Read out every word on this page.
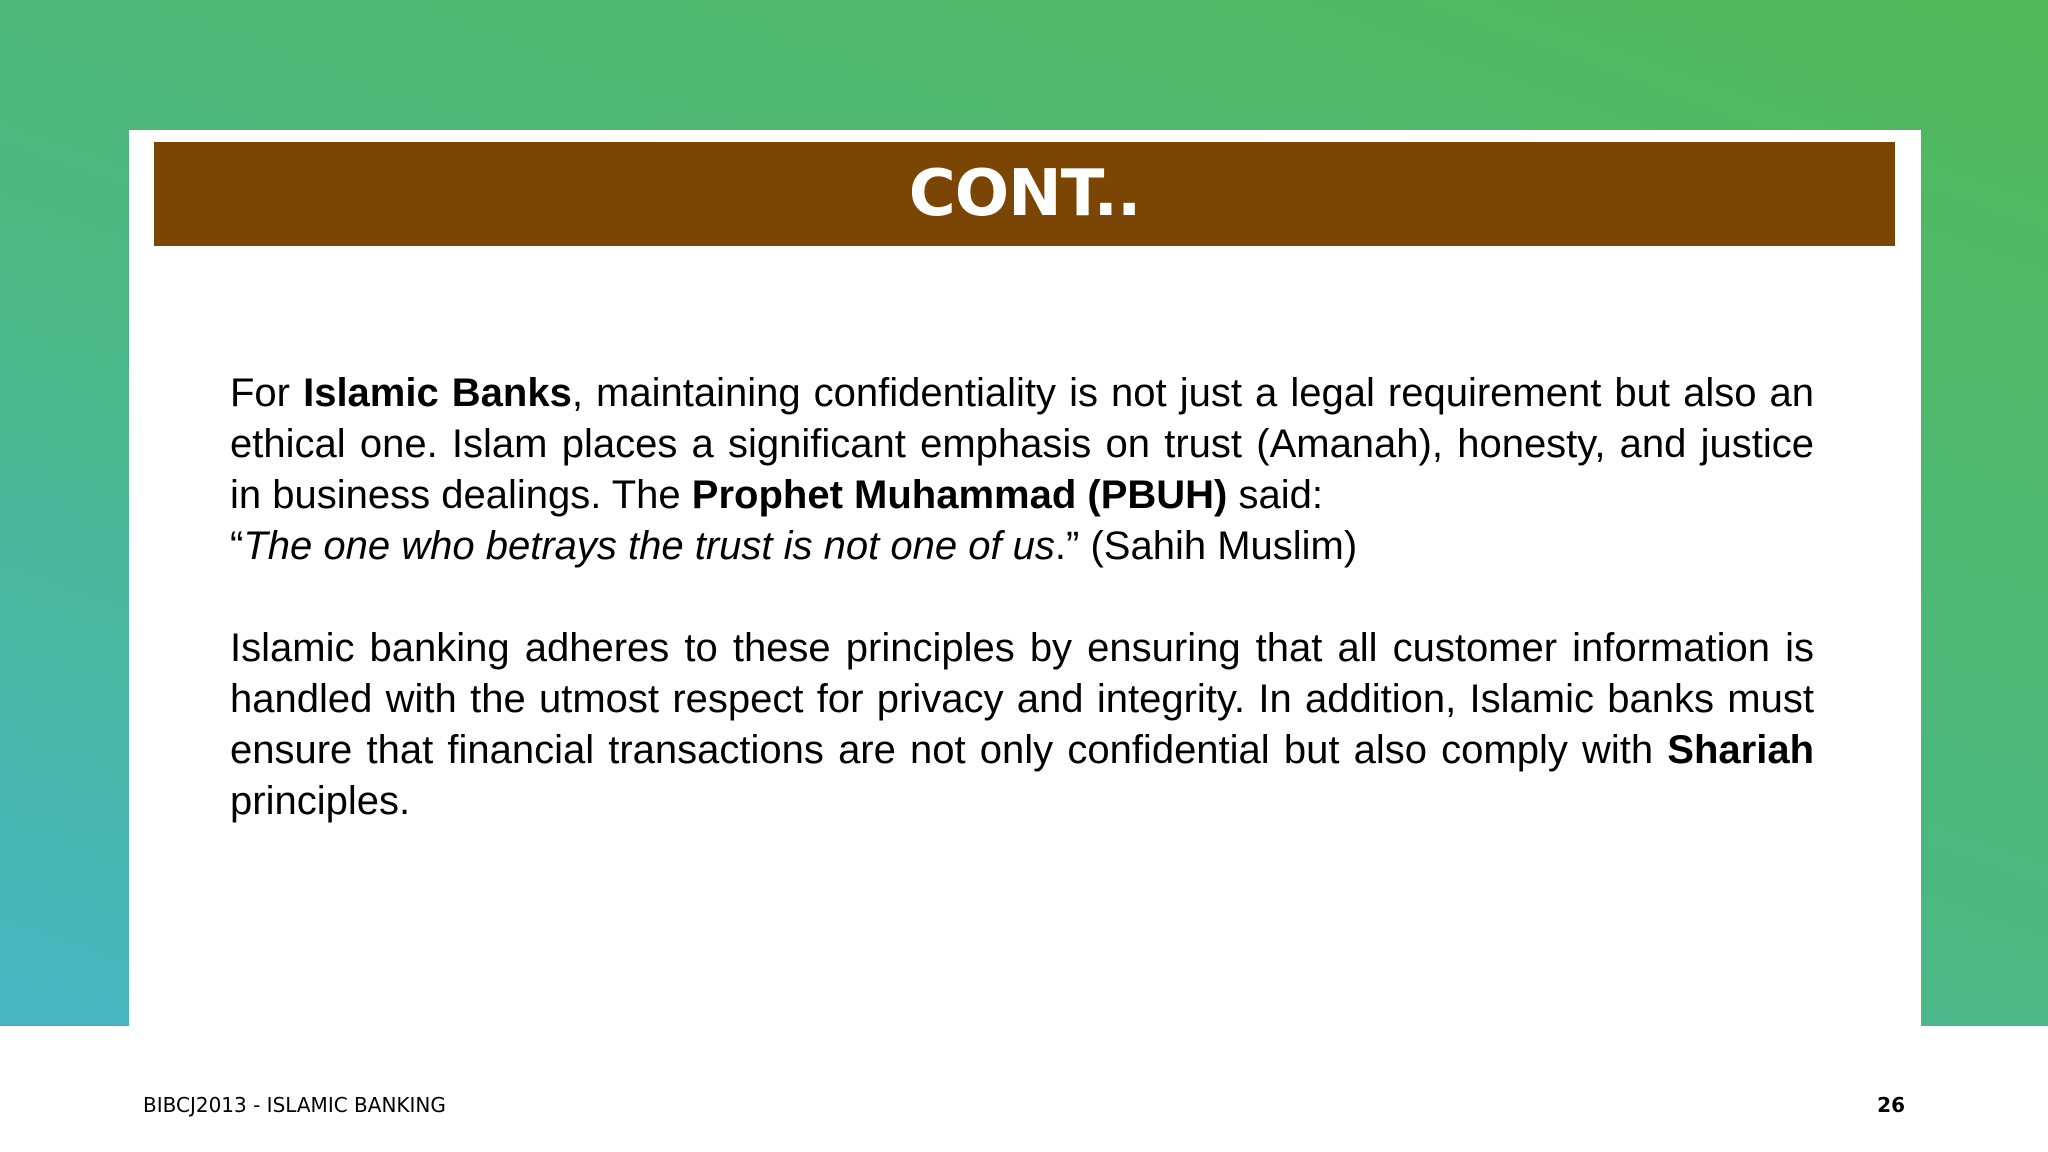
CONT..

For Islamic Banks, maintaining confidentiality is not just a legal requirement but also an ethical one. Islam places a significant emphasis on trust (Amanah), honesty, and justice in business dealings. The Prophet Muhammad (PBUH) said:
“The one who betrays the trust is not one of us.” (Sahih Muslim)

Islamic banking adheres to these principles by ensuring that all customer information is handled with the utmost respect for privacy and integrity. In addition, Islamic banks must ensure that financial transactions are not only confidential but also comply with Shariah principles.

BIBCJ2013 - ISLAMIC BANKING	26
